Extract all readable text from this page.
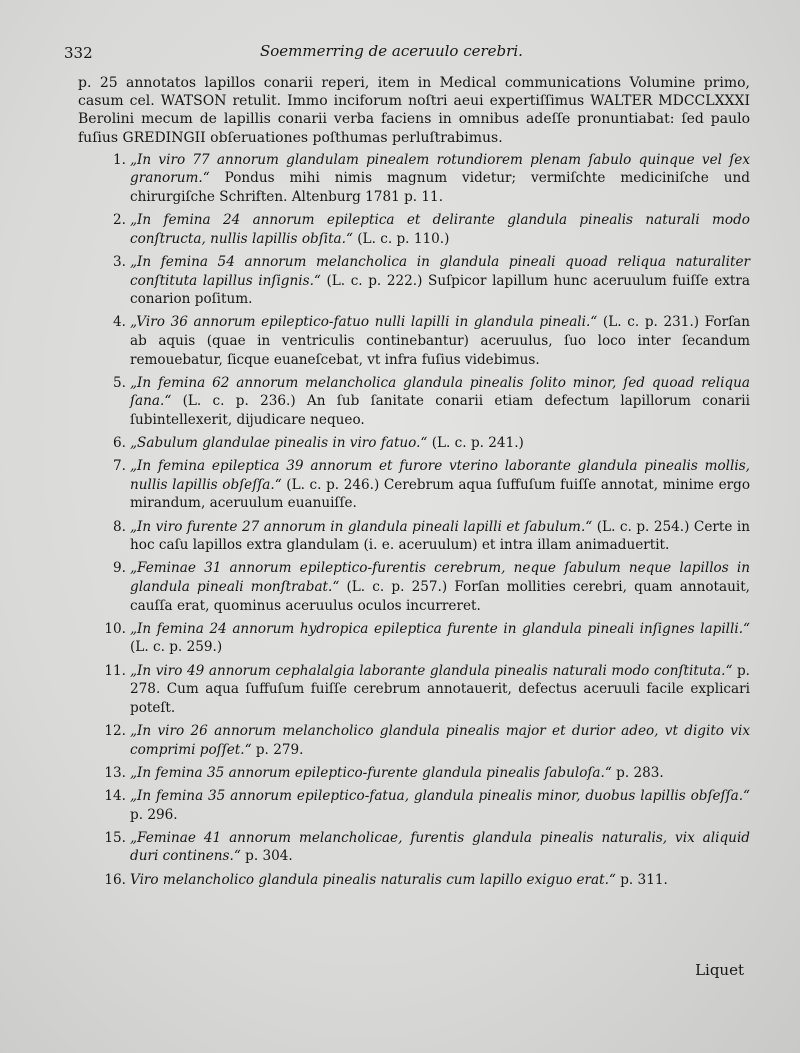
332	Soemmerring de aceruulo cerebri.

p. 25 annotatos lapillos conarii reperi, item in Medical communications Volumine primo, casum cel. WATSON retulit. Immo inciforum noſtri aeui expertiſſimus WALTER MDCCLXXXI Berolini mecum de lapillis conarii verba faciens in omnibus adeſſe pronuntiabat: ſed paulo fuſius GREDINGII obſeruationes poſthumas perluſtrabimus.

1. „In viro 77 annorum glandulam pinealem rotundiorem plenam ſabulo quinque vel ſex granorum.“ Pondus mihi nimis magnum videtur; vermiſchte mediciniſche und chirurgiſche Schriften. Altenburg 1781 p. 11.
2. „In femina 24 annorum epileptica et delirante glandula pinealis naturali modo conſtructa, nullis lapillis obſita.“ (L. c. p. 110.)
3. „In femina 54 annorum melancholica in glandula pineali quoad reliqua naturaliter conſtituta lapillus inſignis.“ (L. c. p. 222.) Suſpicor lapillum hunc aceruulum fuiſſe extra conarion poſitum.
4. „Viro 36 annorum epileptico-fatuo nulli lapilli in glandula pineali.“ (L. c. p. 231.) Forſan ab aquis (quae in ventriculis continebantur) aceruulus, ſuo loco inter ſecandum remouebatur, ſicque euaneſcebat, vt infra fuſius videbimus.
5. „In femina 62 annorum melancholica glandula pinealis ſolito minor, ſed quoad reliqua ſana.“ (L. c. p. 236.) An ſub ſanitate conarii etiam defectum lapillorum conarii ſubintellexerit, dijudicare nequeo.
6. „Sabulum glandulae pinealis in viro fatuo.“ (L. c. p. 241.)
7. „In femina epileptica 39 annorum et furore vterino laborante glandula pinealis mollis, nullis lapillis obſeſſa.“ (L. c. p. 246.) Cerebrum aqua ſuffuſum fuiſſe annotat, minime ergo mirandum, aceruulum euanuiſſe.
8. „In viro furente 27 annorum in glandula pineali lapilli et ſabulum.“ (L. c. p. 254.) Certe in hoc caſu lapillos extra glandulam (i. e. aceruulum) et intra illam animaduertit.
9. „Feminae 31 annorum epileptico-furentis cerebrum, neque ſabulum neque lapillos in glandula pineali monſtrabat.“ (L. c. p. 257.) Forſan mollities cerebri, quam annotauit, cauſſa erat, quominus aceruulus oculos incurreret.
10. „In femina 24 annorum hydropica epileptica furente in glandula pineali inſignes lapilli.“ (L. c. p. 259.)
11. „In viro 49 annorum cephalalgia laborante glandula pinealis naturali modo conſtituta.“ p. 278. Cum aqua ſuffuſum fuiſſe cerebrum annotauerit, defectus aceruuli facile explicari poteſt.
12. „In viro 26 annorum melancholico glandula pinealis major et durior adeo, vt digito vix comprimi poſſet.“ p. 279.
13. „In femina 35 annorum epileptico-furente glandula pinealis ſabuloſa.“ p. 283.
14. „In femina 35 annorum epileptico-fatua, glandula pinealis minor, duobus lapillis obſeſſa.“ p. 296.
15. „Feminae 41 annorum melancholicae, furentis glandula pinealis naturalis, vix aliquid duri continens.“ p. 304.
16. Viro melancholico glandula pinealis naturalis cum lapillo exiguo erat.“ p. 311.
Liquet
